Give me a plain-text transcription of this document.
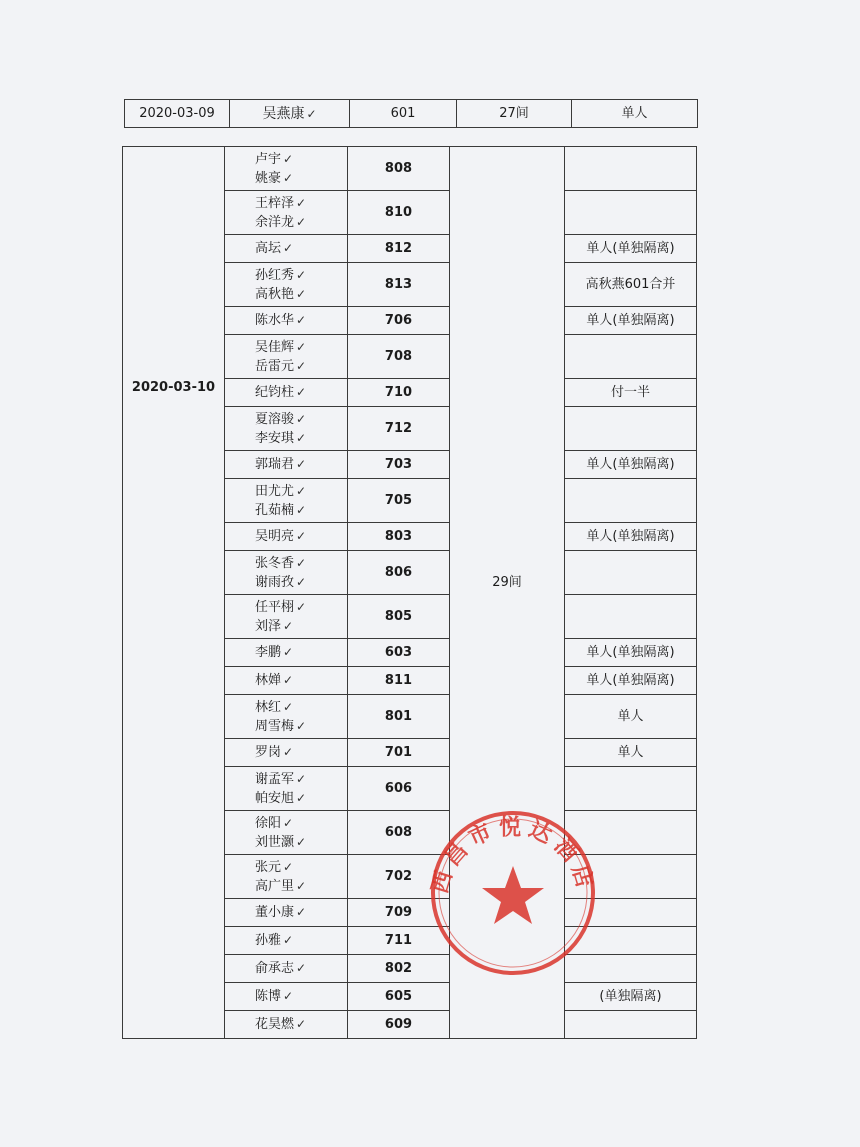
2020-03-09	吴燕康 ✓	601	27间	单人
2020-03-10	卢宇 ✓
姚豪 ✓	808	29间	

	王梓泽 ✓
余洋龙 ✓	810		

	高坛 ✓	812		单人(单独隔离)

	孙红秀 ✓
高秋艳 ✓	813		高秋燕601合并

	陈水华 ✓	706		单人(单独隔离)

	吴佳辉 ✓
岳雷元 ✓	708		

	纪钧柱 ✓	710		付一半

	夏溶骏 ✓
李安琪 ✓	712		

	郭瑞君 ✓	703		单人(单独隔离)

	田尤尤 ✓
孔茹楠 ✓	705		

	吴明亮 ✓	803		单人(单独隔离)

	张冬香 ✓
谢雨孜 ✓	806		

	任平栩 ✓
刘泽 ✓	805		

	李鹏 ✓	603		单人(单独隔离)

	林婵 ✓	811		单人(单独隔离)

	林红 ✓
周雪梅 ✓	801		单人

	罗岗 ✓	701		单人

	谢孟军 ✓
帕安旭 ✓	606		

	徐阳 ✓
刘世灏 ✓	608		

	张元 ✓
高广里 ✓	702		

	董小康 ✓	709		

	孙雅 ✓	711		

	俞承志 ✓	802		

	陈博 ✓	605		(单独隔离)

	花昊燃 ✓	609		
西昌市悦达酒店
